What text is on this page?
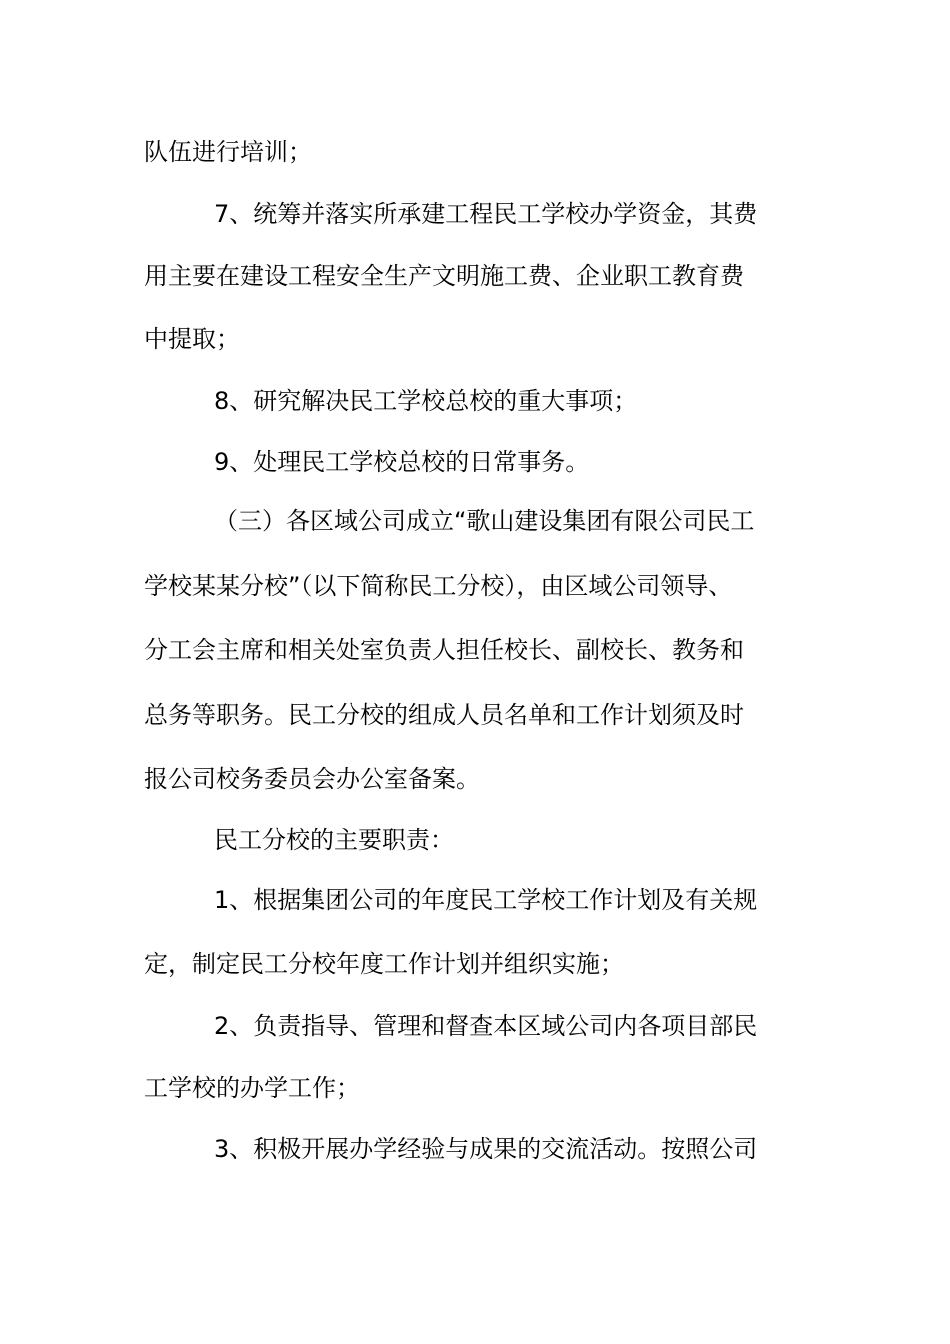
队伍进行培训；
7、统筹并落实所承建工程民工学校办学资金，其费
用主要在建设工程安全生产文明施工费、企业职工教育费
中提取；
8、研究解决民工学校总校的重大事项；
9、处理民工学校总校的日常事务。
（三）各区域公司成立“歌山建设集团有限公司民工
学校某某分校”（以下简称民工分校），由区域公司领导、
分工会主席和相关处室负责人担任校长、副校长、教务和
总务等职务。民工分校的组成人员名单和工作计划须及时
报公司校务委员会办公室备案。
民工分校的主要职责：
1、根据集团公司的年度民工学校工作计划及有关规
定，制定民工分校年度工作计划并组织实施；
2、负责指导、管理和督查本区域公司内各项目部民
工学校的办学工作；
3、积极开展办学经验与成果的交流活动。按照公司
